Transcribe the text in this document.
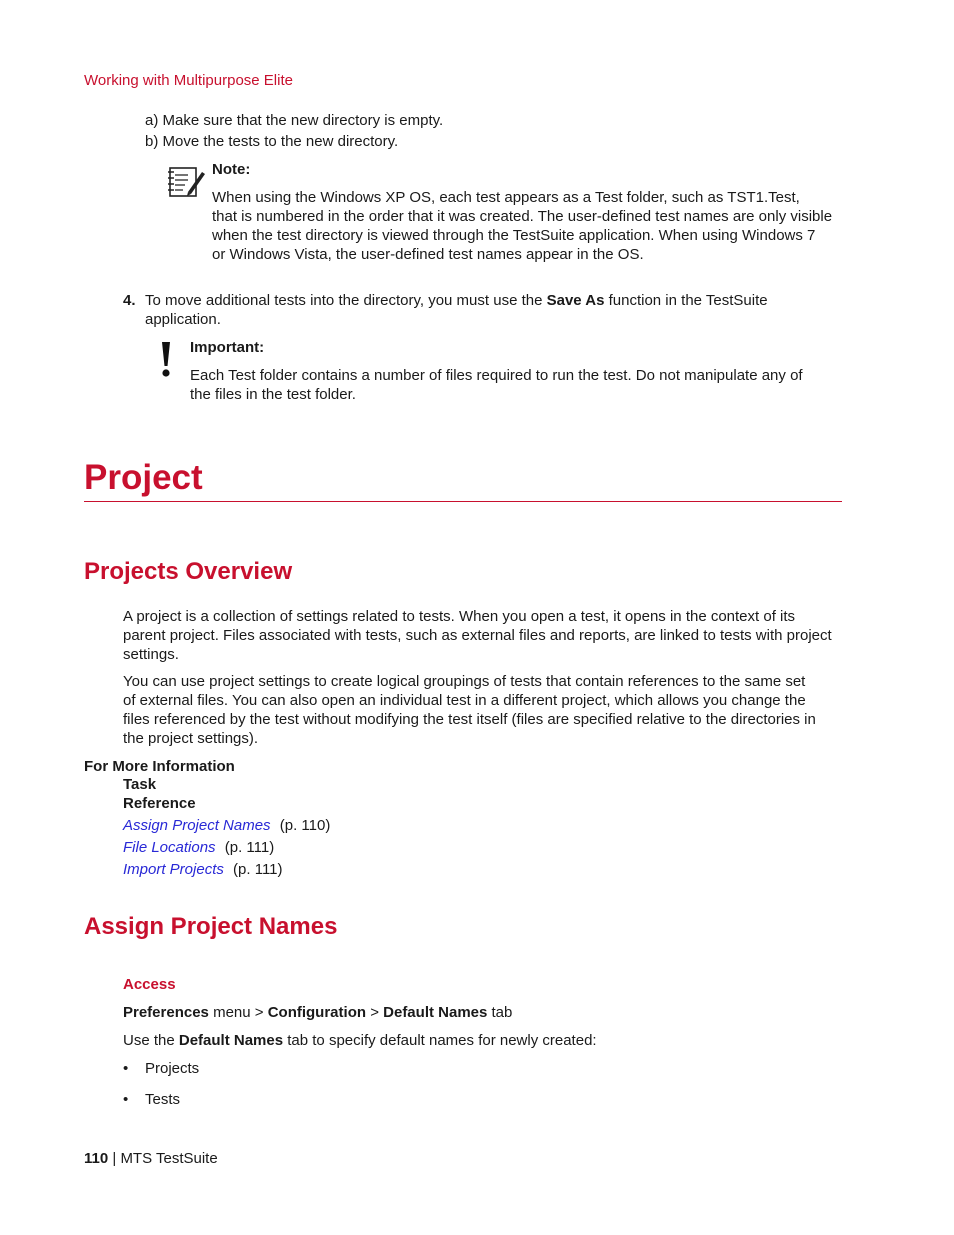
Working with Multipurpose Elite
a) Make sure that the new directory is empty.
b) Move the tests to the new directory.
Note:
When using the Windows XP OS, each test appears as a Test folder, such as TST1.Test,
that is numbered in the order that it was created. The user-defined test names are only visible
when the test directory is viewed through the TestSuite application. When using Windows 7
or Windows Vista, the user-defined test names appear in the OS.
4. To move additional tests into the directory, you must use the Save As function in the TestSuite
application.
Important:
Each Test folder contains a number of files required to run the test. Do not manipulate any of
the files in the test folder.
Project
Projects Overview
A project is a collection of settings related to tests. When you open a test, it opens in the context of its
parent project. Files associated with tests, such as external files and reports, are linked to tests with project
settings.
You can use project settings to create logical groupings of tests that contain references to the same set
of external files. You can also open an individual test in a different project, which allows you change the
files referenced by the test without modifying the test itself (files are specified relative to the directories in
the project settings).
For More Information
Task
Reference
Assign Project Names (p. 110)
File Locations (p. 111)
Import Projects (p. 111)
Assign Project Names
Access
Preferences menu > Configuration > Default Names tab
Use the Default Names tab to specify default names for newly created:
• Projects
• Tests
110 | MTS TestSuite
